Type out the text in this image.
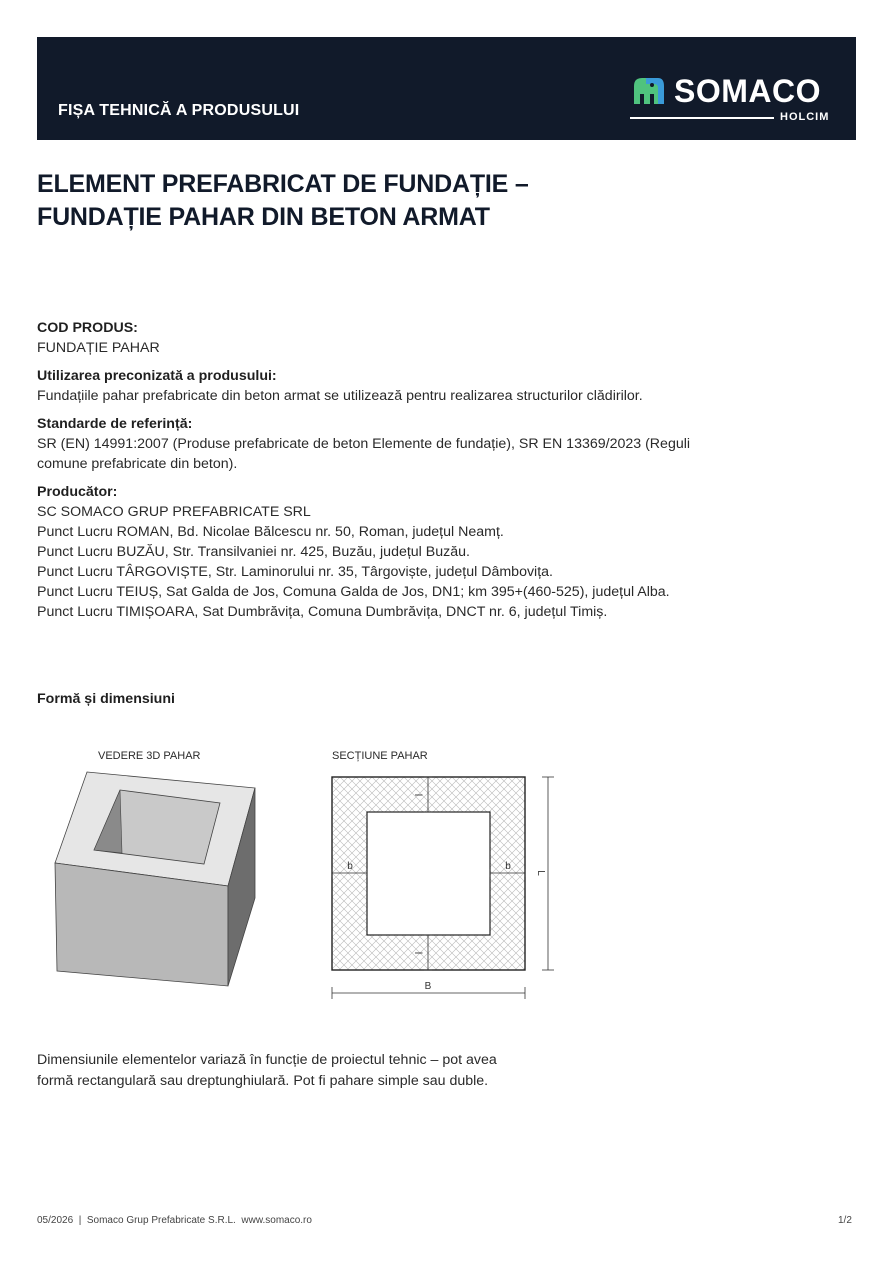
FIȘA TEHNICĂ A PRODUSULUI
SOMACO
HOLCIM
ELEMENT PREFABRICAT DE FUNDAȚIE –
FUNDAȚIE PAHAR DIN BETON ARMAT
COD PRODUS:
FUNDAȚIE PAHAR
Utilizarea preconizată a produsului:
Fundațiile pahar prefabricate din beton armat se utilizează pentru realizarea structurilor clădirilor.
Standarde de referință:
SR (EN) 14991:2007 (Produse prefabricate de beton Elemente de fundație), SR EN 13369/2023 (Reguli
comune prefabricate din beton).
Producător:
SC SOMACO GRUP PREFABRICATE SRL
Punct Lucru ROMAN, Bd. Nicolae Bălcescu nr. 50, Roman, județul Neamț.
Punct Lucru BUZĂU, Str. Transilvaniei nr. 425, Buzău, județul Buzău.
Punct Lucru TÂRGOVIȘTE, Str. Laminorului nr. 35, Târgoviște, județul Dâmbovița.
Punct Lucru TEIUȘ, Sat Galda de Jos, Comuna Galda de Jos, DN1; km 395+(460-525), județul Alba.
Punct Lucru TIMIȘOARA, Sat Dumbrăvița, Comuna Dumbrăvița, DNCT nr. 6, județul Timiș.
Formă și dimensiuni
VEDERE 3D PAHAR	SECȚIUNE PAHAR
l
l
b	b
L
B
Dimensiunile elementelor variază în funcție de proiectul tehnic – pot avea
formă rectangulară sau dreptunghiulară. Pot fi pahare simple sau duble.
05/2026  |  Somaco Grup Prefabricate S.R.L.  www.somaco.ro	1/2
